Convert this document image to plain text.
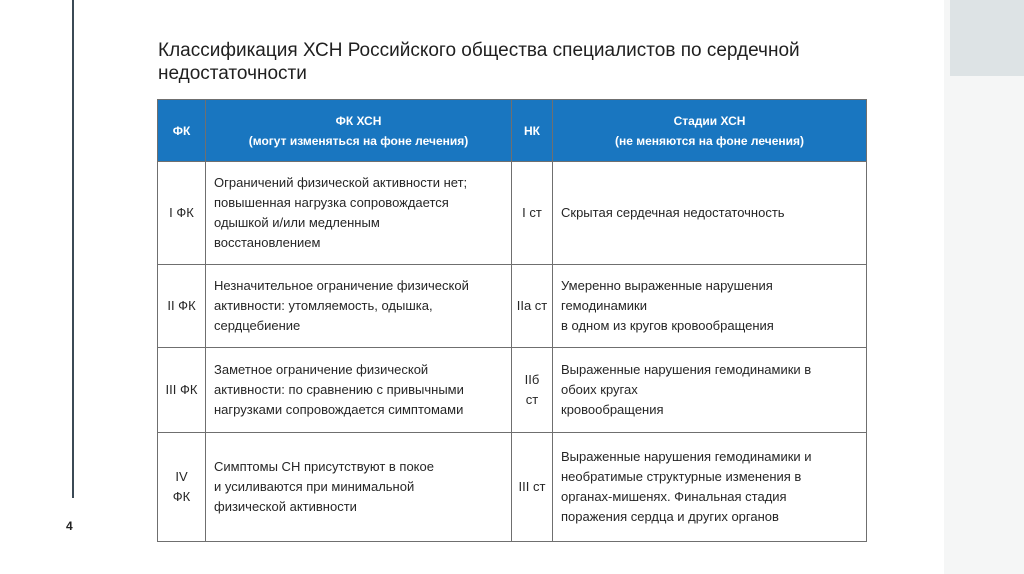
4
Классификация ХСН Российского общества специалистов по сердечной
недостаточности
ФК	ФК ХСН
(могут изменяться на фоне лечения)	НК	Стадии ХСН
(не меняются на фоне лечения)

I ФК	Ограничений физической активности нет;
повышенная нагрузка сопровождается
одышкой и/или медленным
восстановлением	I ст	Скрытая сердечная недостаточность

II ФК	Незначительное ограничение физической
активности: утомляемость, одышка,
сердцебиение	IIа ст	Умеренно выраженные нарушения
гемодинамики
в одном из кругов кровообращения

III ФК	Заметное ограничение физической
активности: по сравнению с привычными
нагрузками сопровождается симптомами	IIб
ст	Выраженные нарушения гемодинамики в
обоих кругах
кровообращения

IV
ФК	Симптомы СН присутствуют в покое
и усиливаются при минимальной
физической активности	III ст	Выраженные нарушения гемодинамики и
необратимые структурные изменения в
органах-мишенях. Финальная стадия
поражения сердца и других органов
